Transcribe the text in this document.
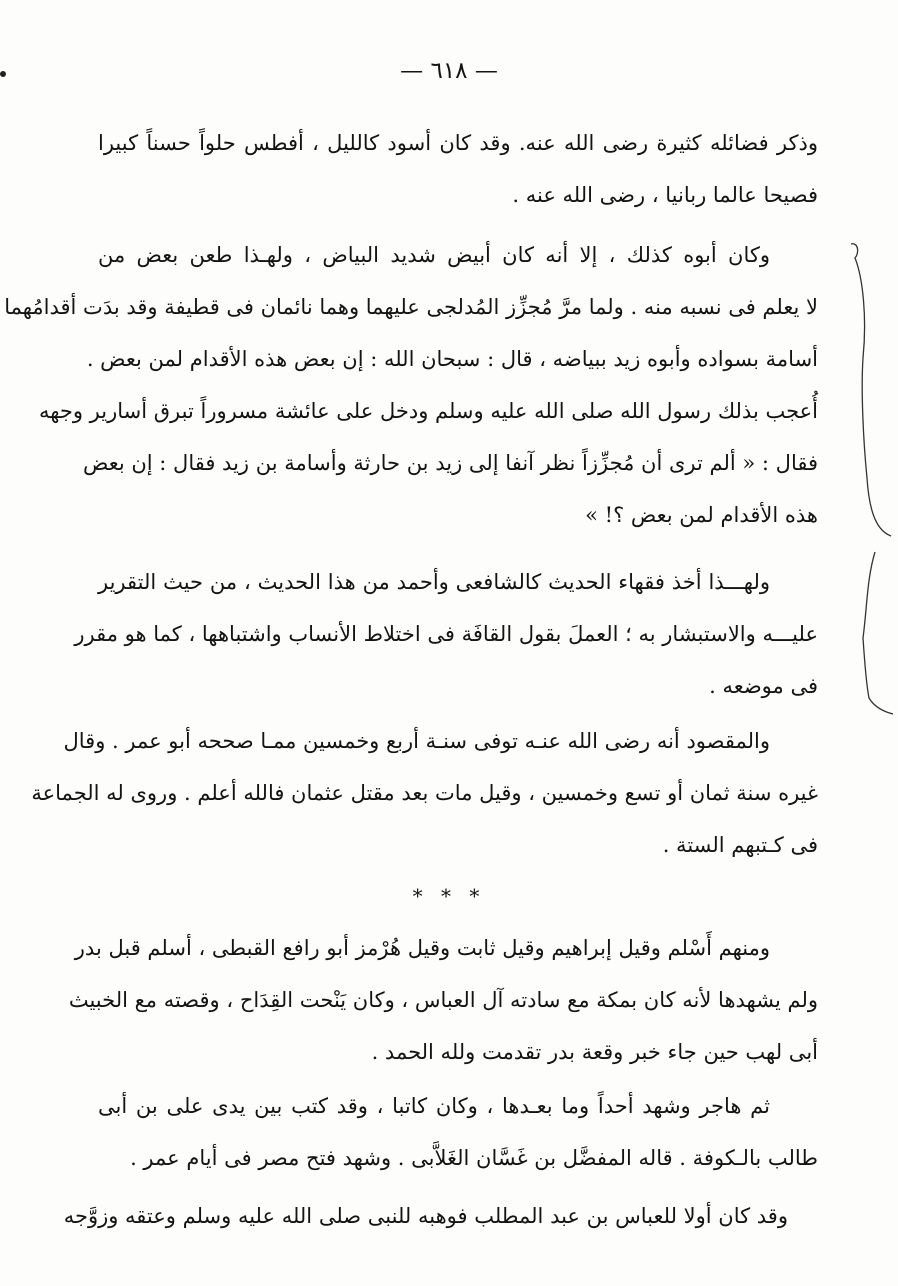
— ٦١٨ —
وذكر فضائله كثيرة رضى الله عنه. وقد كان أسود كالليل ، أفطس حلواً حسناً كبيرا
فصيحا عالما ربانيا ، رضى الله عنه .
وكان أبوه كذلك ، إلا أنه كان أبيض شديد البياض ، ولهـذا طعن بعض من
لا يعلم فى نسبه منه . ولما مرَّ مُجزِّز المُدلجى عليهما وهما نائمان فى قطيفة وقد بدَت أقدامُهما
أسامة بسواده وأبوه زيد ببياضه ، قال : سبحان الله : إن بعض هذه الأقدام لمن بعض .
أُعجب بذلك رسول الله صلى الله عليه وسلم ودخل على عائشة مسروراً تبرق أسارير وجهه
فقال : « ألم ترى أن مُجزِّزاً نظر آنفا إلى زيد بن حارثة وأسامة بن زيد فقال : إن بعض
هذه الأقدام لمن بعض ؟! »
ولهـــذا أخذ فقهاء الحديث كالشافعى وأحمد من هذا الحديث ، من حيث التقرير
عليـــه والاستبشار به ؛ العملَ بقول القافَة فى اختلاط الأنساب واشتباهها ، كما هو مقرر
فى موضعه .
والمقصود أنه رضى الله عنـه توفى سنـة أربع وخمسين ممـا صححه أبو عمر . وقال
غيره سنة ثمان أو تسع وخمسين ، وقيل مات بعد مقتل عثمان فالله أعلم . وروى له الجماعة
فى كـتبهم الستة .
* * *
ومنهم أَسْلم وقيل إبراهيم وقيل ثابت وقيل هُرْمز أبو رافع القبطى ، أسلم قبل بدر
ولم يشهدها لأنه كان بمكة مع سادته آل العباس ، وكان يَنْحت القِدَاح ، وقصته مع الخبيث
أبى لهب حين جاء خبر وقعة بدر تقدمت ولله الحمد .
ثم هاجر وشهد أحداً وما بعـدها ، وكان كاتبا ، وقد كتب بين يدى على بن أبى
طالب بالـكوفة . قاله المفضَّل بن غَسَّان الغَلاَّبى . وشهد فتح مصر فى أيام عمر .
وقد كان أولا للعباس بن عبد المطلب فوهبه للنبى صلى الله عليه وسلم وعتقه وزوَّجه
